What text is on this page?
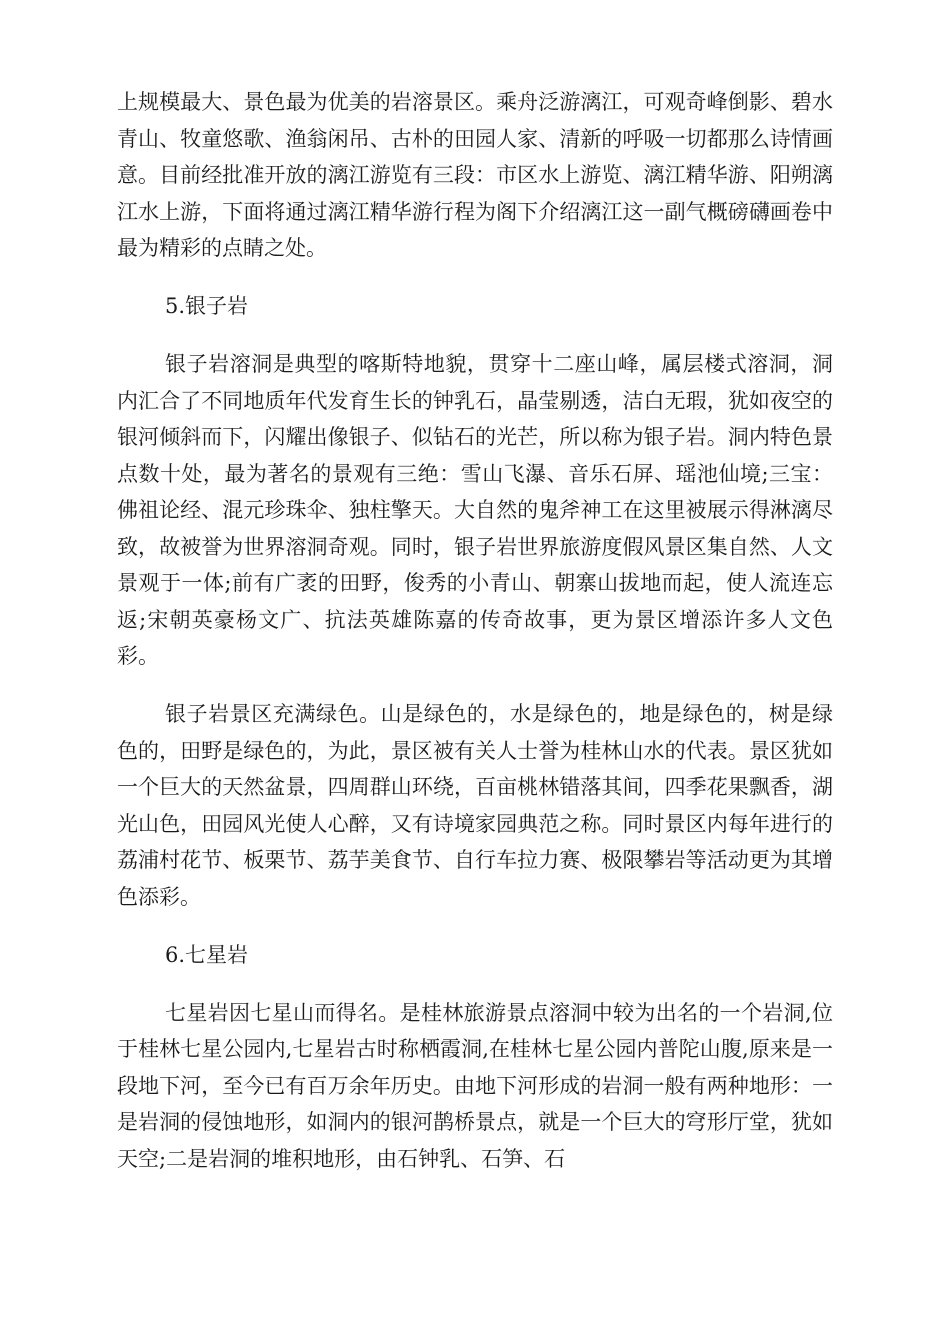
上规模最大、景色最为优美的岩溶景区。乘舟泛游漓江，可观奇峰倒影、碧水青山、牧童悠歌、渔翁闲吊、古朴的田园人家、清新的呼吸一切都那么诗情画意。目前经批准开放的漓江游览有三段：市区水上游览、漓江精华游、阳朔漓江水上游，下面将通过漓江精华游行程为阁下介绍漓江这一副气概磅礴画卷中最为精彩的点睛之处。

5.银子岩

银子岩溶洞是典型的喀斯特地貌，贯穿十二座山峰，属层楼式溶洞，洞内汇合了不同地质年代发育生长的钟乳石，晶莹剔透，洁白无瑕，犹如夜空的银河倾斜而下，闪耀出像银子、似钻石的光芒，所以称为银子岩。洞内特色景点数十处，最为著名的景观有三绝：雪山飞瀑、音乐石屏、瑶池仙境;三宝：佛祖论经、混元珍珠伞、独柱擎天。大自然的鬼斧神工在这里被展示得淋漓尽致，故被誉为世界溶洞奇观。同时，银子岩世界旅游度假风景区集自然、人文景观于一体;前有广袤的田野，俊秀的小青山、朝寨山拔地而起，使人流连忘返;宋朝英豪杨文广、抗法英雄陈嘉的传奇故事，更为景区增添许多人文色彩。

银子岩景区充满绿色。山是绿色的，水是绿色的，地是绿色的，树是绿色的，田野是绿色的，为此，景区被有关人士誉为桂林山水的代表。景区犹如一个巨大的天然盆景，四周群山环绕，百亩桃林错落其间，四季花果飘香，湖光山色，田园风光使人心醉，又有诗境家园典范之称。同时景区内每年进行的荔浦村花节、板栗节、荔芋美食节、自行车拉力赛、极限攀岩等活动更为其增色添彩。

6.七星岩

七星岩因七星山而得名。是桂林旅游景点溶洞中较为出名的一个岩洞,位于桂林七星公园内,七星岩古时称栖霞洞,在桂林七星公园内普陀山腹,原来是一段地下河，至今已有百万余年历史。由地下河形成的岩洞一般有两种地形：一是岩洞的侵蚀地形，如洞内的银河鹊桥景点，就是一个巨大的穹形厅堂，犹如天空;二是岩洞的堆积地形，由石钟乳、石笋、石
